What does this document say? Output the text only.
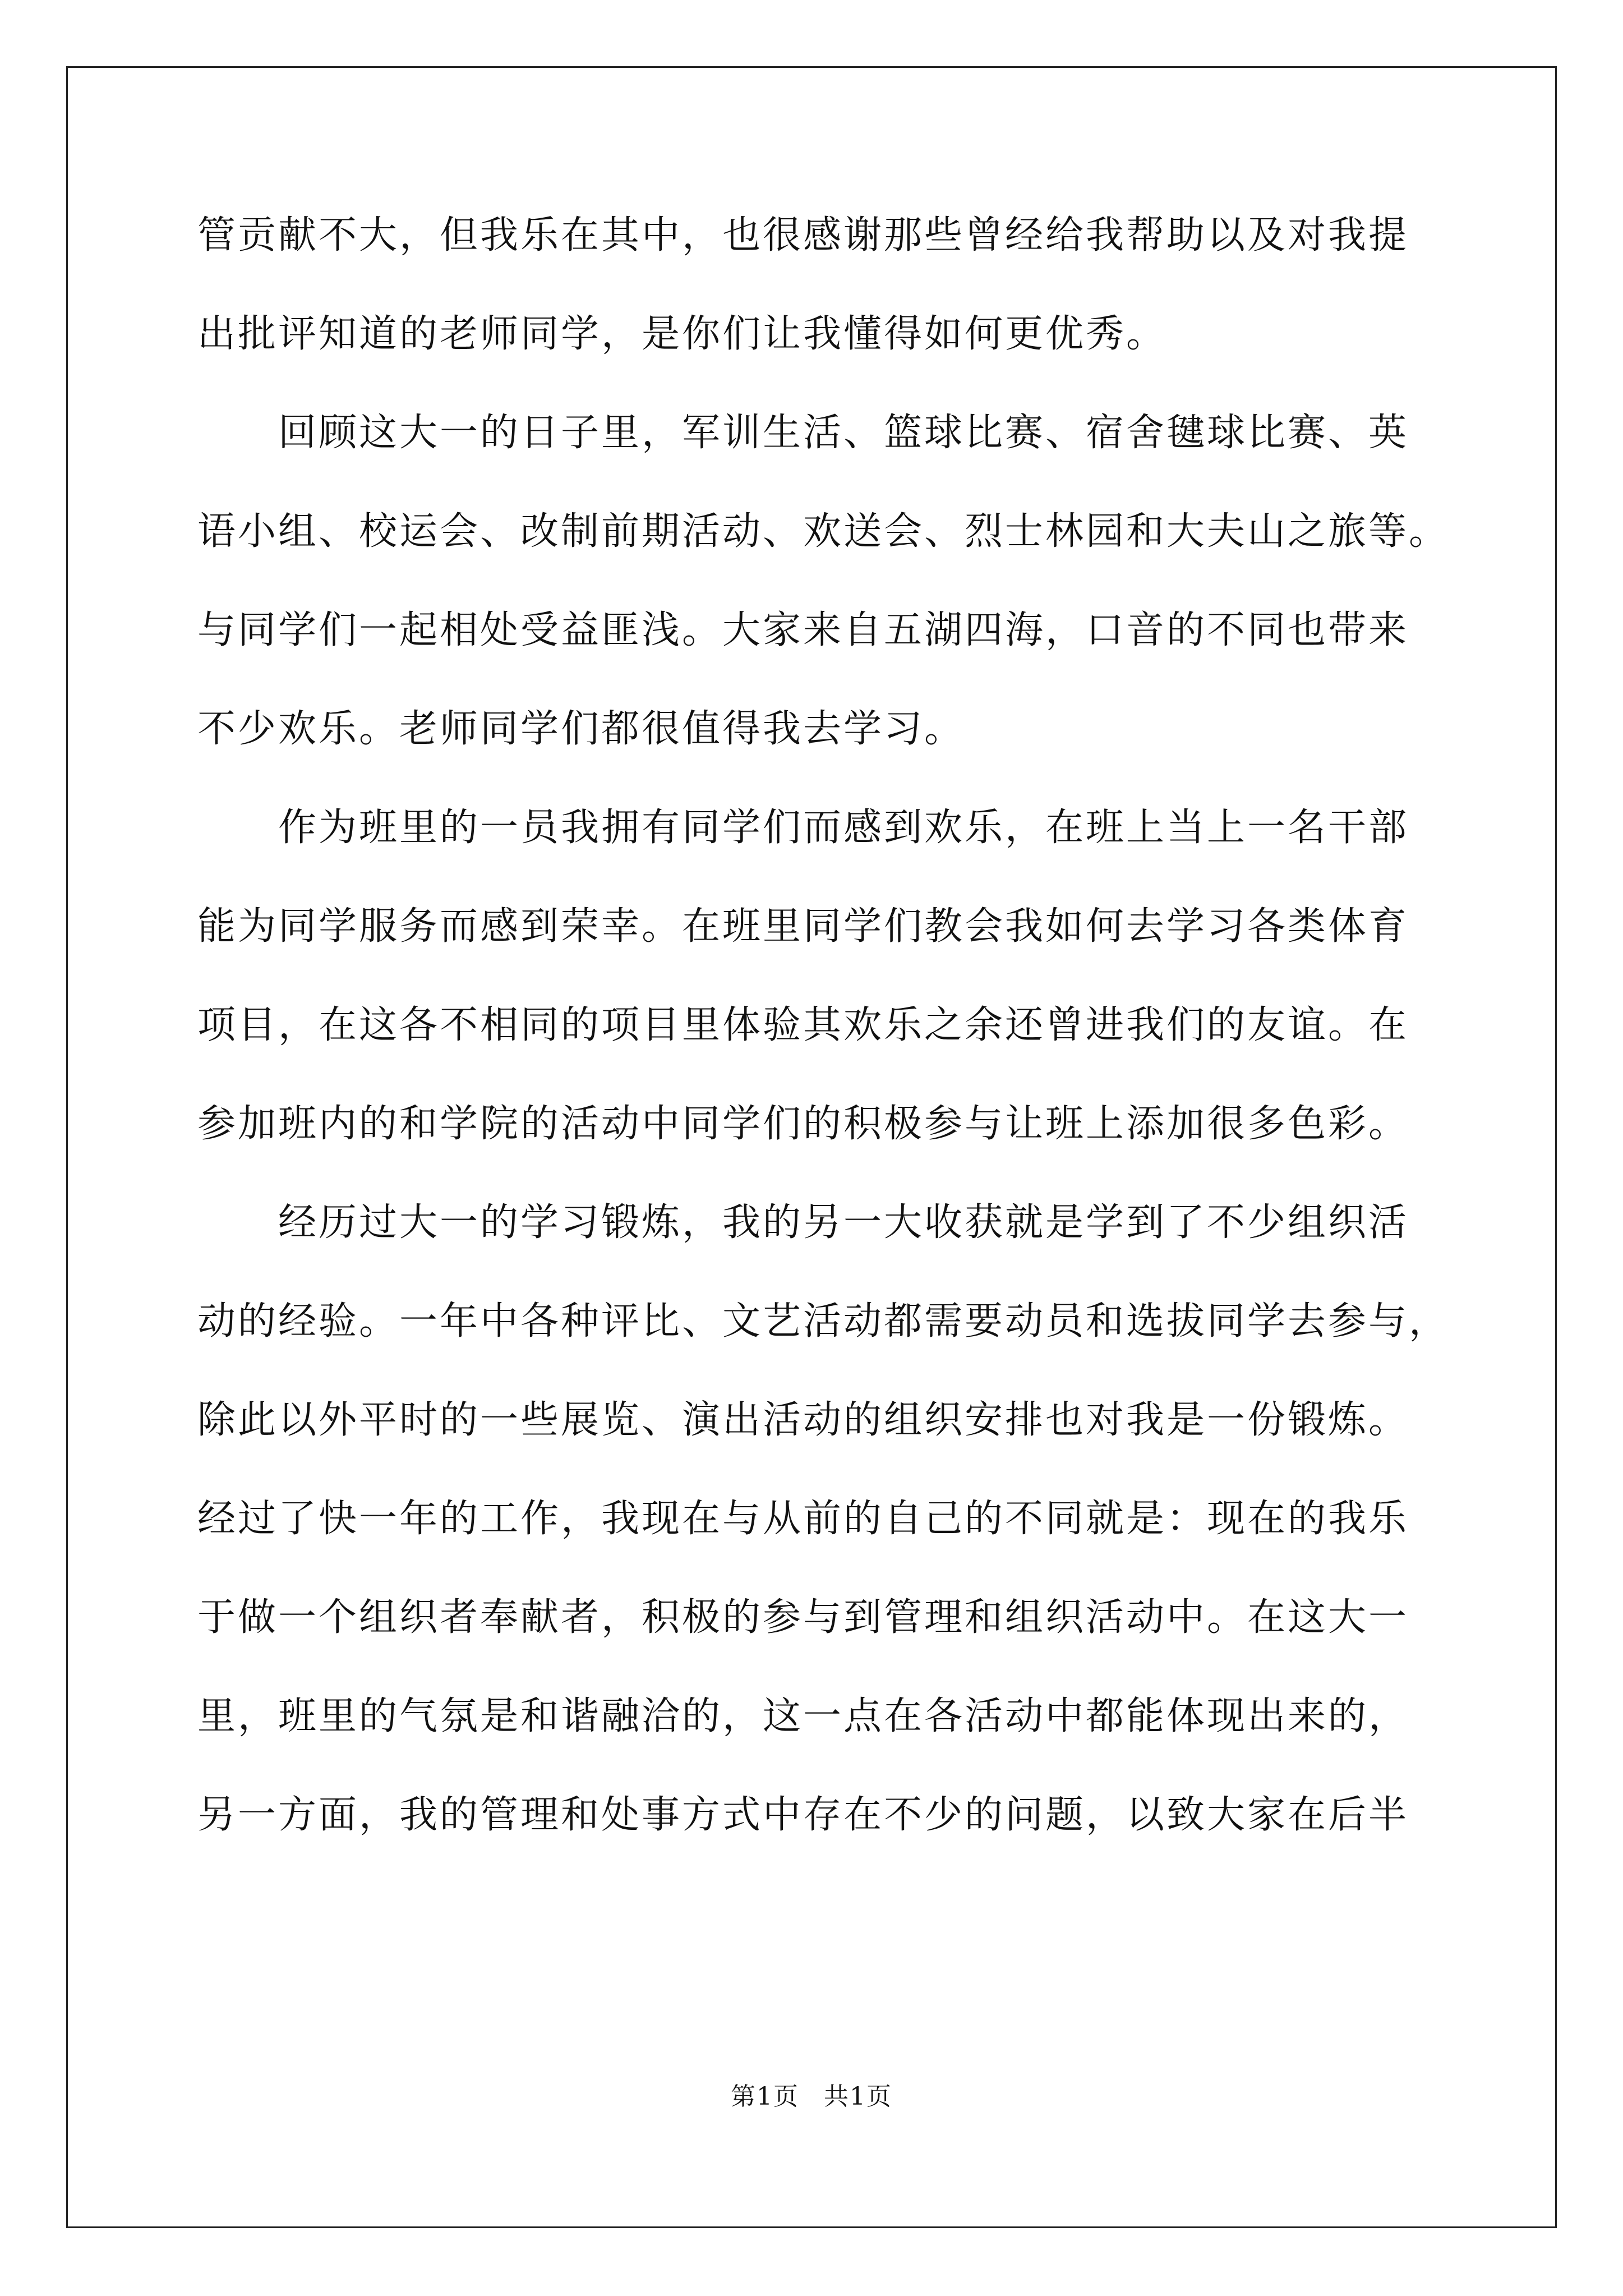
管贡献不大，但我乐在其中，也很感谢那些曾经给我帮助以及对我提
出批评知道的老师同学，是你们让我懂得如何更优秀。
回顾这大一的日子里，军训生活、篮球比赛、宿舍毽球比赛、英
语小组、校运会、改制前期活动、欢送会、烈士林园和大夫山之旅等。
与同学们一起相处受益匪浅。大家来自五湖四海，口音的不同也带来
不少欢乐。老师同学们都很值得我去学习。
作为班里的一员我拥有同学们而感到欢乐，在班上当上一名干部
能为同学服务而感到荣幸。在班里同学们教会我如何去学习各类体育
项目，在这各不相同的项目里体验其欢乐之余还曾进我们的友谊。在
参加班内的和学院的活动中同学们的积极参与让班上添加很多色彩。
经历过大一的学习锻炼，我的另一大收获就是学到了不少组织活
动的经验。一年中各种评比、文艺活动都需要动员和选拔同学去参与，
除此以外平时的一些展览、演出活动的组织安排也对我是一份锻炼。
经过了快一年的工作，我现在与从前的自己的不同就是：现在的我乐
于做一个组织者奉献者，积极的参与到管理和组织活动中。在这大一
里，班里的气氛是和谐融洽的，这一点在各活动中都能体现出来的，
另一方面，我的管理和处事方式中存在不少的问题，以致大家在后半
第1页 共1页
